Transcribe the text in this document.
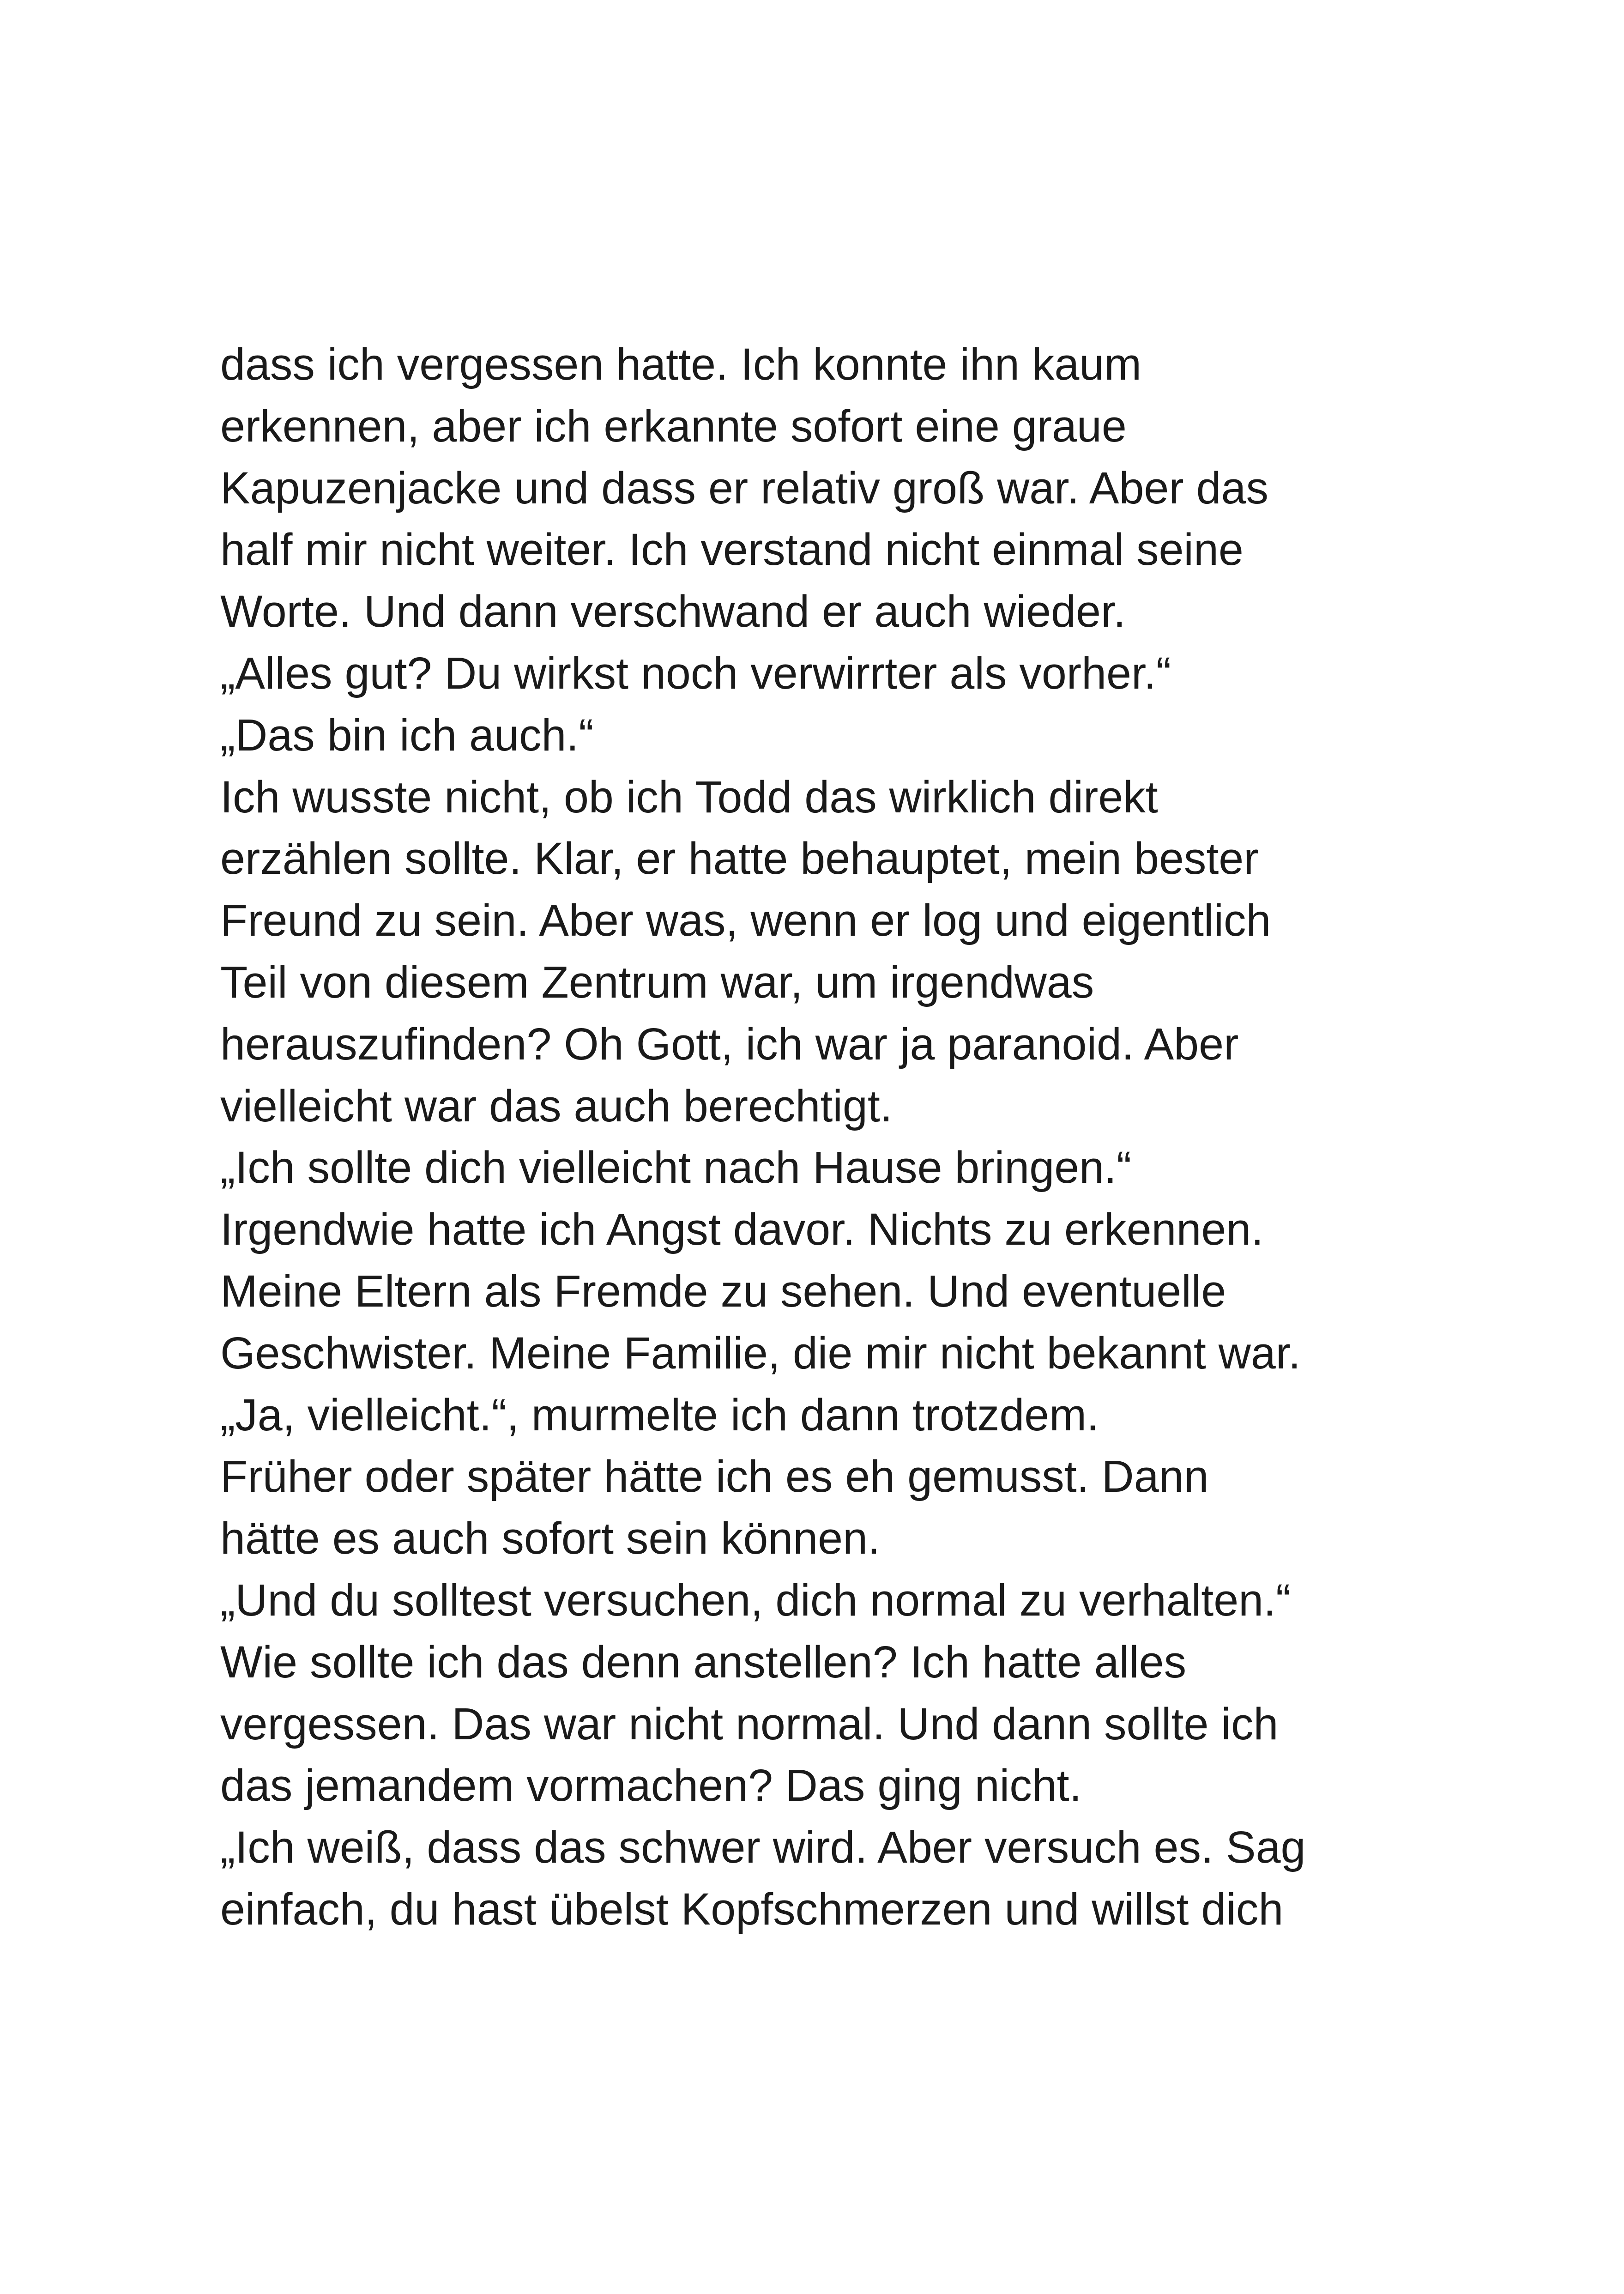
dass ich vergessen hatte. Ich konnte ihn kaum
erkennen, aber ich erkannte sofort eine graue
Kapuzenjacke und dass er relativ groß war. Aber das
half mir nicht weiter. Ich verstand nicht einmal seine
Worte. Und dann verschwand er auch wieder.
„Alles gut? Du wirkst noch verwirrter als vorher.“
„Das bin ich auch.“
Ich wusste nicht, ob ich Todd das wirklich direkt
erzählen sollte. Klar, er hatte behauptet, mein bester
Freund zu sein. Aber was, wenn er log und eigentlich
Teil von diesem Zentrum war, um irgendwas
herauszufinden? Oh Gott, ich war ja paranoid. Aber
vielleicht war das auch berechtigt.
„Ich sollte dich vielleicht nach Hause bringen.“
Irgendwie hatte ich Angst davor. Nichts zu erkennen.
Meine Eltern als Fremde zu sehen. Und eventuelle
Geschwister. Meine Familie, die mir nicht bekannt war.
„Ja, vielleicht.“, murmelte ich dann trotzdem.
Früher oder später hätte ich es eh gemusst. Dann
hätte es auch sofort sein können.
„Und du solltest versuchen, dich normal zu verhalten.“
Wie sollte ich das denn anstellen? Ich hatte alles
vergessen. Das war nicht normal. Und dann sollte ich
das jemandem vormachen? Das ging nicht.
„Ich weiß, dass das schwer wird. Aber versuch es. Sag
einfach, du hast übelst Kopfschmerzen und willst dich
